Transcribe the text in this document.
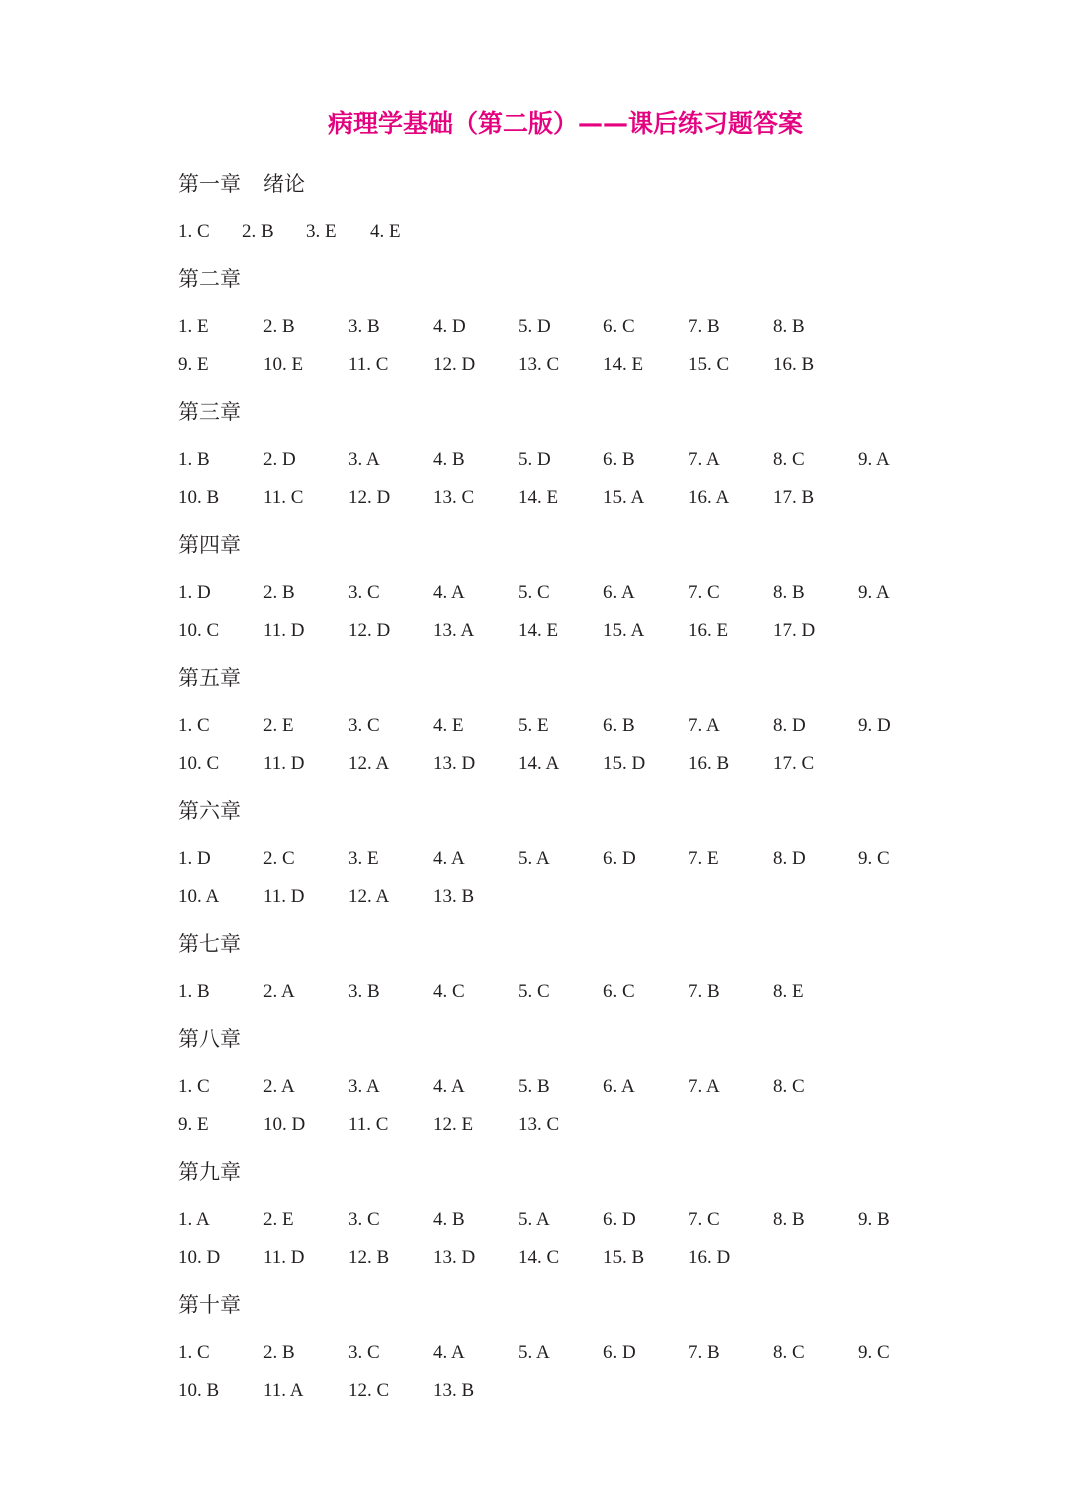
病理学基础（第二版）——课后练习题答案
第一章 绪论
1. C 2. B 3. E 4. E
第二章
1. E	2. B	3. B	4. D	5. D	6. C	7. B	8. B
9. E	10. E 11. C 12. D 13. C 14. E 15. C 16. B
第三章
1. B	2. D	3. A	4. B	5. D	6. B	7. A	8. C	9. A
10. B 11. C 12. D 13. C 14. E 15. A 16. A 17. B
第四章
1. D	2. B	3. C	4. A	5. C	6. A	7. C	8. B	9. A
10. C 11. D 12. D 13. A 14. E 15. A 16. E 17. D
第五章
1. C	2. E	3. C	4. E	5. E	6. B	7. A	8. D	9. D
10. C 11. D 12. A 13. D 14. A 15. D 16. B 17. C
第六章
1. D	2. C	3. E	4. A	5. A	6. D	7. E	8. D	9. C
10. A 11. D 12. A 13. B
第七章
1. B	2. A	3. B	4. C	5. C	6. C	7. B	8. E
第八章
1. C	2. A	3. A	4. A	5. B	6. A	7. A	8. C
9. E	10. D 11. C 12. E 13. C
第九章
1. A	2. E	3. C	4. B	5. A	6. D	7. C	8. B	9. B
10. D 11. D 12. B 13. D 14. C 15. B 16. D
第十章
1. C	2. B	3. C	4. A	5. A	6. D	7. B	8. C	9. C
10. B 11. A 12. C 13. B
